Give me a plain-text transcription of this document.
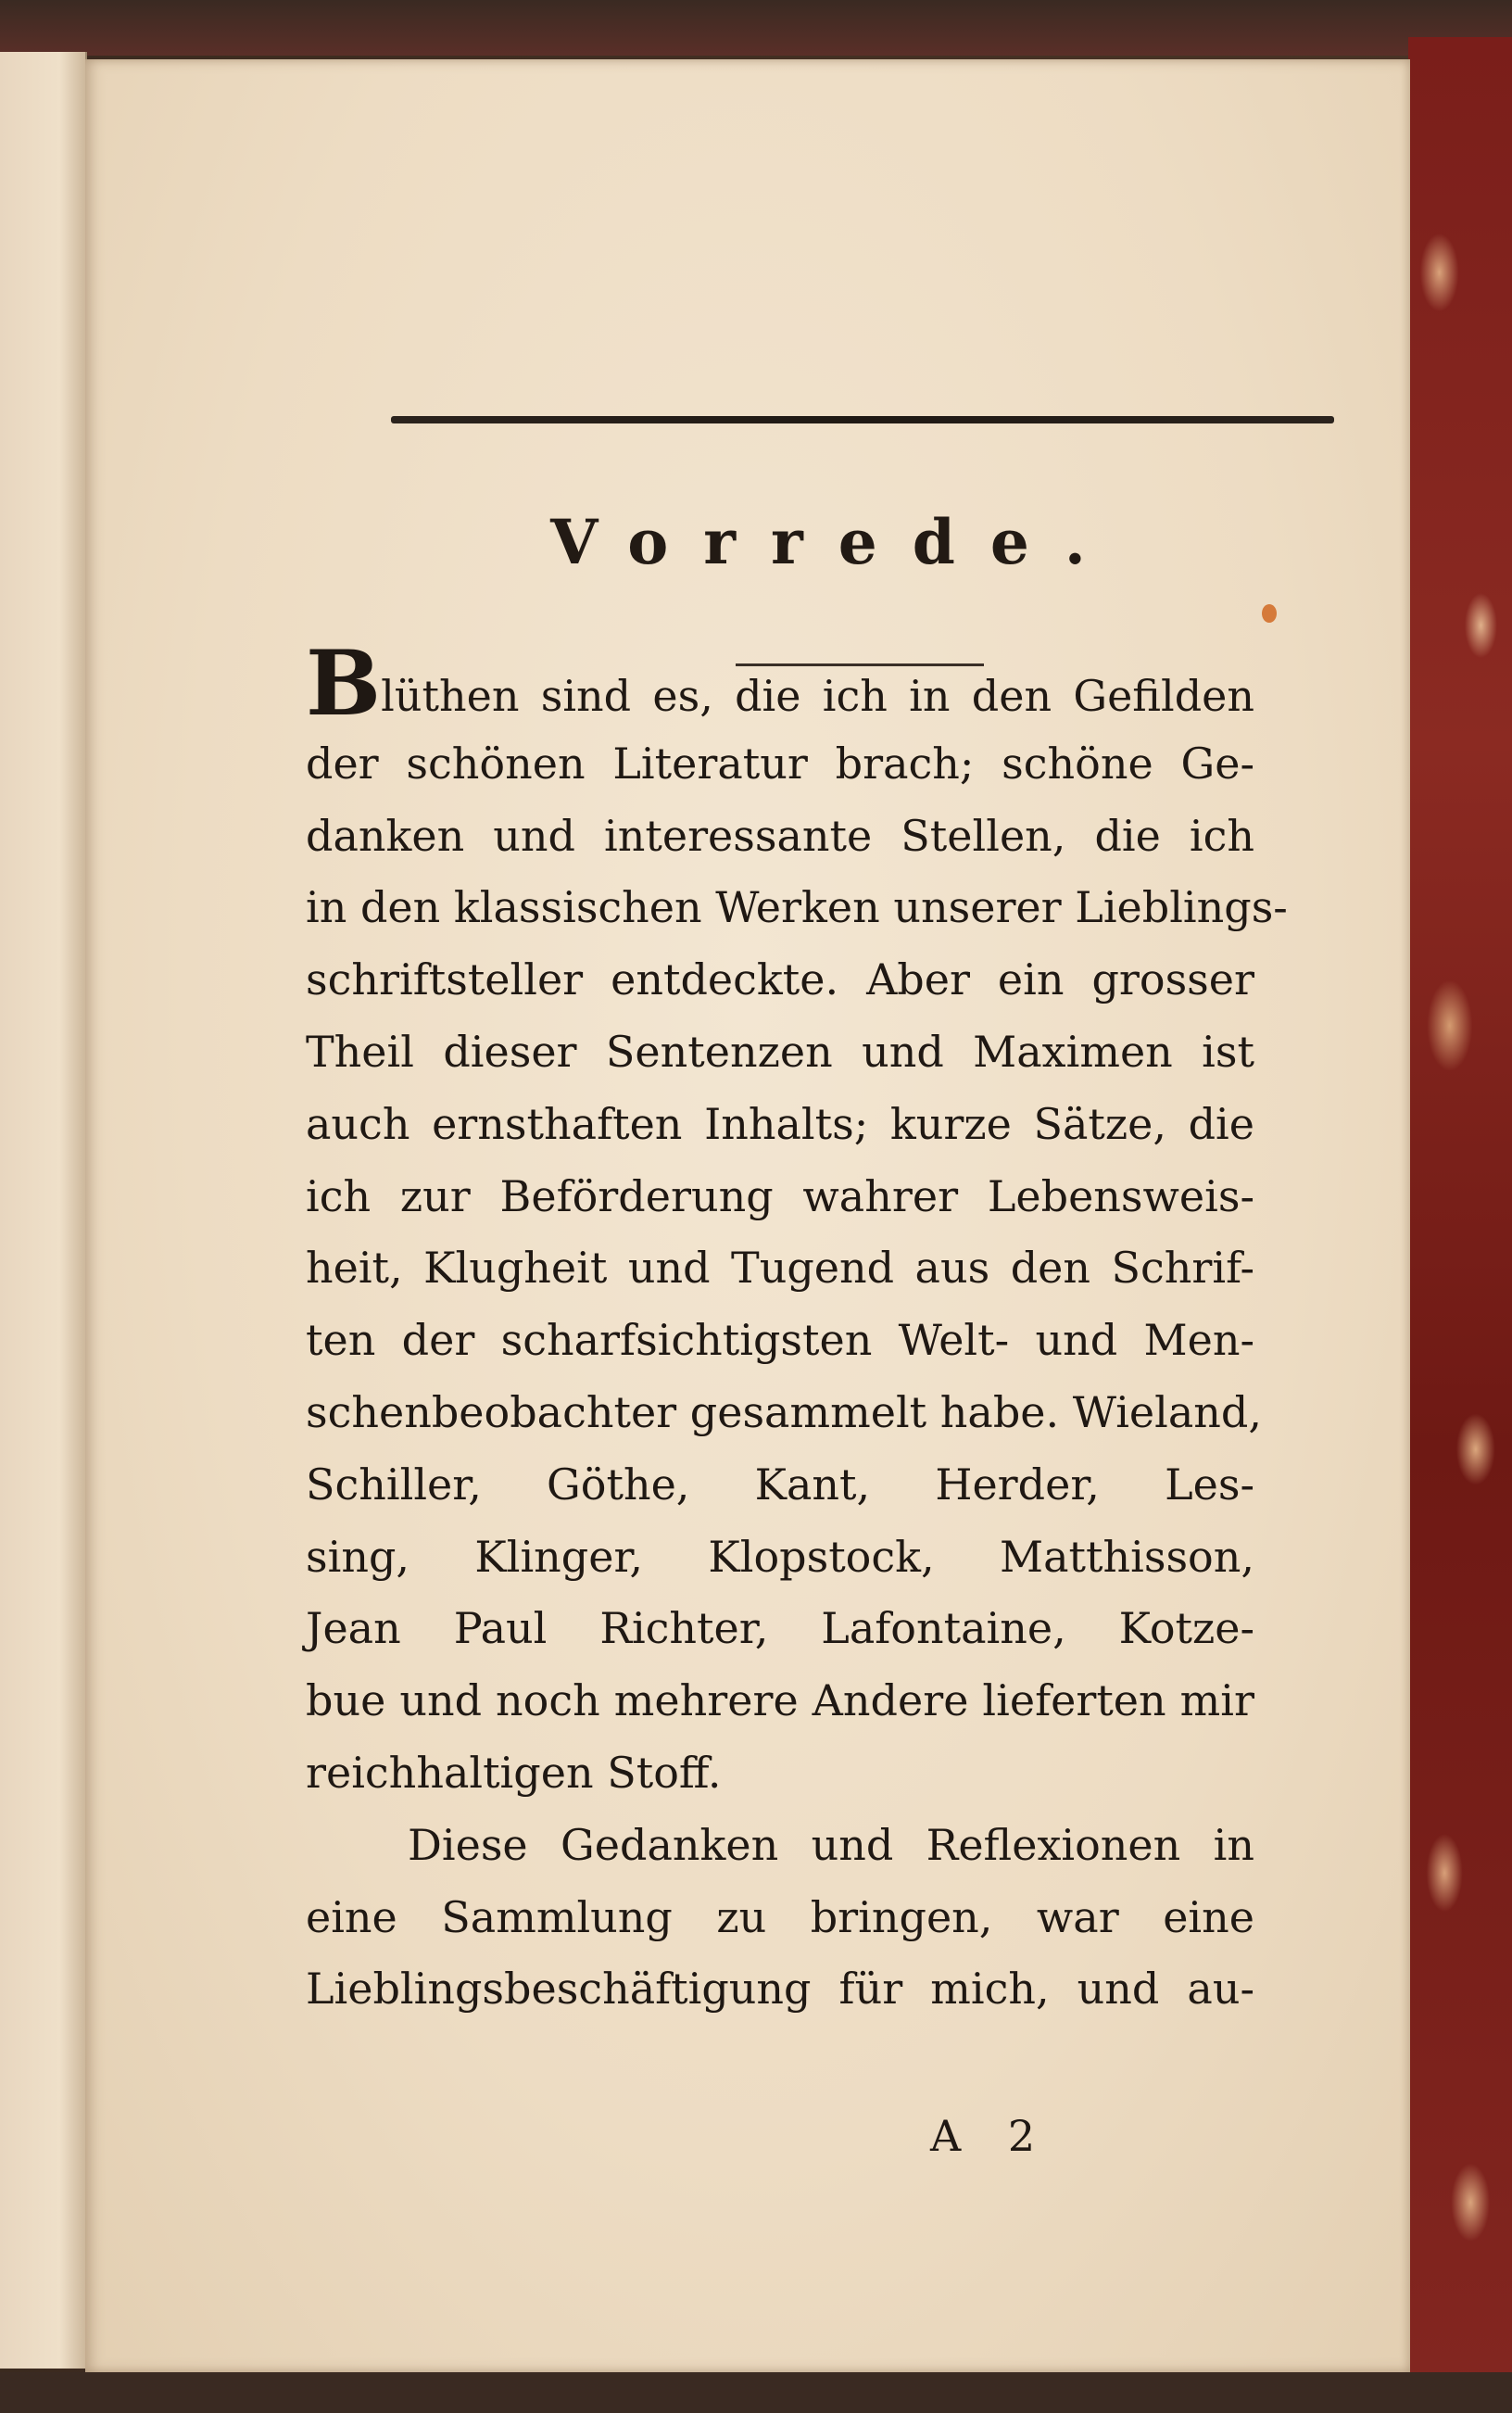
Vorrede.
Blüthen sind es, die ich in den Gefilden
der schönen Literatur brach; schöne Ge-
danken und interessante Stellen, die ich
in den klassischen Werken unserer Lieblings-
schriftsteller entdeckte. Aber ein grosser
Theil dieser Sentenzen und Maximen ist
auch ernsthaften Inhalts; kurze Sätze, die
ich zur Beförderung wahrer Lebensweis-
heit, Klugheit und Tugend aus den Schrif-
ten der scharfsichtigsten Welt- und Men-
schenbeobachter gesammelt habe. Wieland,
Schiller, Göthe, Kant, Herder, Les-
sing, Klinger, Klopstock, Matthisson,
Jean Paul Richter, Lafontaine, Kotze-
bue und noch mehrere Andere lieferten mir
reichhaltigen Stoff.
Diese Gedanken und Reflexionen in
eine Sammlung zu bringen, war eine
Lieblingsbeschäftigung für mich, und au-
A 2
